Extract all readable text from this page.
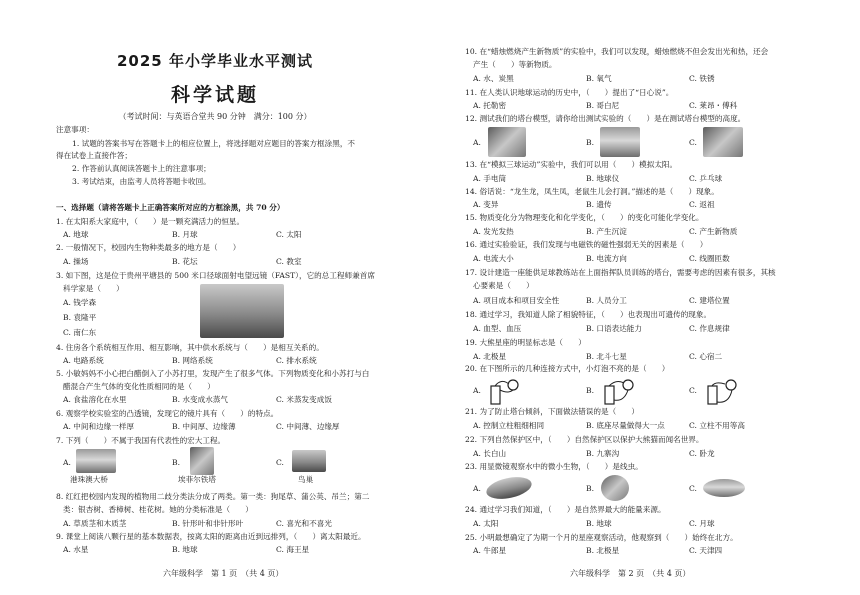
2025 年小学毕业水平测试
科学试题
（考试时间：与英语合堂共 90 分钟　满分：100 分）
注意事项：
1. 试题的答案书写在答题卡上的相应位置上，将选择题对应题目的答案方框涂黑，不
得在试卷上直接作答；
2. 作答前认真阅读答题卡上的注意事项；
3. 考试结束，由监考人员将答题卡收回。
一、选择题（请将答题卡上正确答案所对应的方框涂黑，共 70 分）
1. 在太阳系大家庭中，（　　）是一颗充满活力的恒星。
A. 地球	B. 月球	C. 太阳
2. 一般情况下，校园内生物种类最多的地方是（　　）
A. 操场	B. 花坛	C. 教室
3. 如下图，这是位于贵州平塘县的 500 米口径球面射电望远镜（FAST），它的总工程师兼首席
科学家是（　　）
A. 钱学森
B. 袁隆平
C. 南仁东
4. 住房各个系统相互作用、相互影响，其中供水系统与（　　）是相互关系的。
A. 电路系统	B. 网络系统	C. 排水系统
5. 小敏妈妈不小心把白醋倒入了小苏打里，发现产生了很多气体。下列物质变化和小苏打与白
醋混合产生气体的变化性质相同的是（　　）
A. 食盐溶化在水里	B. 水变成水蒸气	C. 米蒸发变成饭
6. 观察学校实验室的凸透镜，发现它的镜片具有（　　）的特点。
A. 中间和边缘一样厚	B. 中间厚、边缘薄	C. 中间薄、边缘厚
7. 下列（　　）不属于我国有代表性的宏大工程。
A.
港珠澳大桥
B.
埃菲尔铁塔
C.
鸟巢
8. 红红把校园内发现的植物用二歧分类法分成了两类。第一类：狗尾草、蒲公英、吊兰；第二
类：银杏树、香樟树、桂花树。她的分类标准是（　　）
A. 草质茎和木质茎	B. 针形叶和非针形叶	C. 喜光和不喜光
9. 课堂上阅读八颗行星的基本数据表，按离太阳的距离由近到远排列，（　　）离太阳最近。
A. 水星	B. 地球	C. 海王星
六年级科学　第 1 页　（共 4 页）
10. 在“蜡烛燃烧产生新物质”的实验中，我们可以发现，蜡烛燃烧不但会发出光和热，还会
产生（　　）等新物质。
A. 水、炭黑	B. 氧气	C. 铁锈
11. 在人类认识地球运动的历史中，（　　）提出了“日心说”。
A. 托勒密	B. 哥白尼	C. 莱昂・傅科
12. 测试我们的塔台模型，请你给出测试实验的（　　）是在测试塔台模型的高度。
A.	B.	C.
13. 在“模拟三球运动”实验中，我们可以用（　　）模拟太阳。
A. 手电筒	B. 地球仪	C. 乒乓球
14. 俗话说：“龙生龙，凤生凤，老鼠生儿会打洞。”描述的是（　　）现象。
A. 变异	B. 遗传	C. 返祖
15. 物质变化分为物理变化和化学变化，（　　）的变化可能化学变化。
A. 发光发热	B. 产生沉淀	C. 产生新物质
16. 通过实验验证，我们发现与电磁铁的磁性强弱无关的因素是（　　）
A. 电流大小	B. 电流方向	C. 线圈匝数
17. 设计建造一座能供足球教练站在上面指挥队员训练的塔台，需要考虑的因素有很多，其核
心要素是（　　）
A. 项目成本和项目安全性	B. 人员分工	C. 建塔位置
18. 通过学习，我知道人除了相貌特征，（　　）也表现出可遗传的现象。
A. 血型、血压	B. 口语表达能力	C. 作息规律
19. 大熊星座的明显标志是（　　）
A. 北极星	B. 北斗七星	C. 心宿二
20. 在下图所示的几种连接方式中，小灯泡不亮的是（　　）
A.	B.	C.
21. 为了防止塔台倾斜，下面做法错误的是（　　）
A. 控制立柱粗细相同	B. 底座尽量做得大一点	C. 立柱不用等高
22. 下列自然保护区中，（　　）自然保护区以保护大熊猫而闻名世界。
A. 长白山	B. 九寨沟	C. 卧龙
23. 用显微镜观察水中的微小生物，（　　）是线虫。
A.	B.	C.
24. 通过学习我们知道，（　　）是自然界最大的能量来源。
A. 太阳	B. 地球	C. 月球
25. 小明最想确定了为期一个月的星座观察活动，他观察到（　　）始终在北方。
A. 牛郎星	B. 北极星	C. 天津四
六年级科学　第 2 页　（共 4 页）
